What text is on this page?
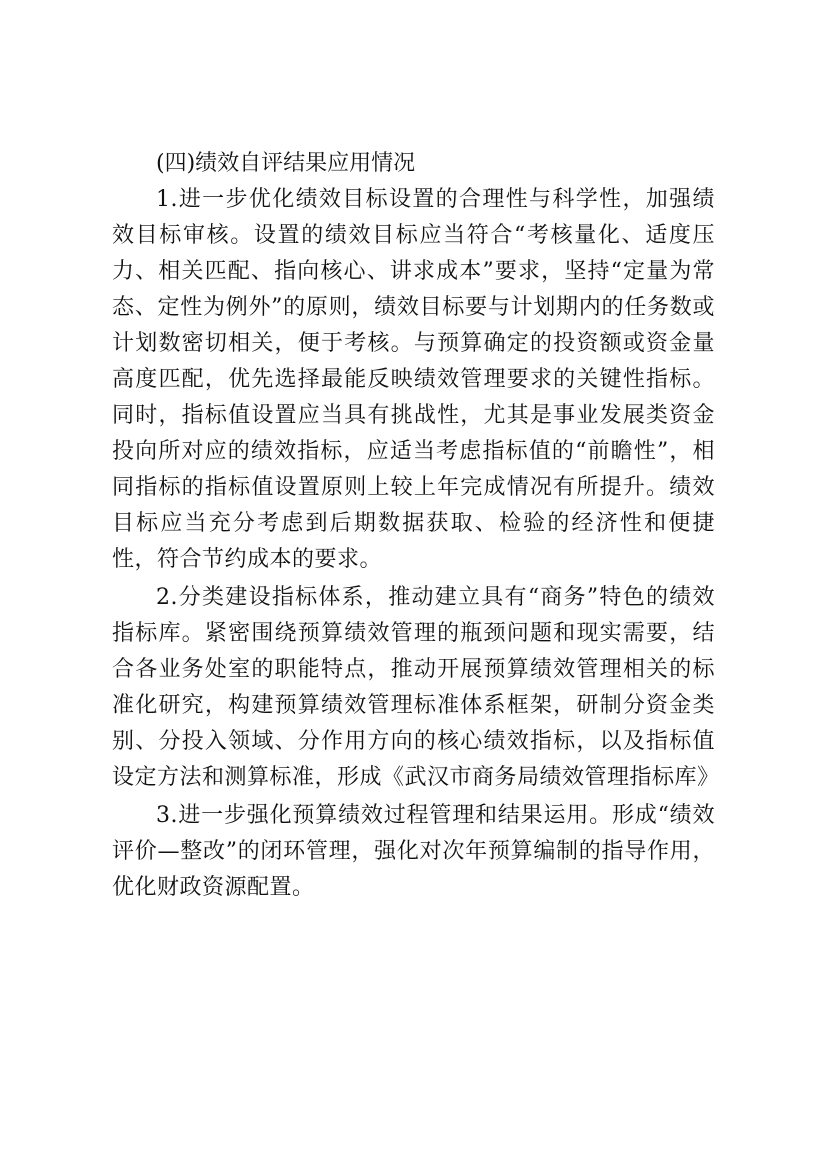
(四)绩效自评结果应用情况

1.进一步优化绩效目标设置的合理性与科学性，加强绩效目标审核。设置的绩效目标应当符合“考核量化、适度压力、相关匹配、指向核心、讲求成本”要求，坚持“定量为常态、定性为例外”的原则，绩效目标要与计划期内的任务数或计划数密切相关，便于考核。与预算确定的投资额或资金量高度匹配，优先选择最能反映绩效管理要求的关键性指标。同时，指标值设置应当具有挑战性，尤其是事业发展类资金投向所对应的绩效指标，应适当考虑指标值的“前瞻性”，相同指标的指标值设置原则上较上年完成情况有所提升。绩效目标应当充分考虑到后期数据获取、检验的经济性和便捷性，符合节约成本的要求。

2.分类建设指标体系，推动建立具有“商务”特色的绩效指标库。紧密围绕预算绩效管理的瓶颈问题和现实需要，结合各业务处室的职能特点，推动开展预算绩效管理相关的标准化研究，构建预算绩效管理标准体系框架，研制分资金类别、分投入领域、分作用方向的核心绩效指标，以及指标值设定方法和测算标准，形成《武汉市商务局绩效管理指标库》

3.进一步强化预算绩效过程管理和结果运用。形成“绩效评价—整改”的闭环管理，强化对次年预算编制的指导作用，优化财政资源配置。
